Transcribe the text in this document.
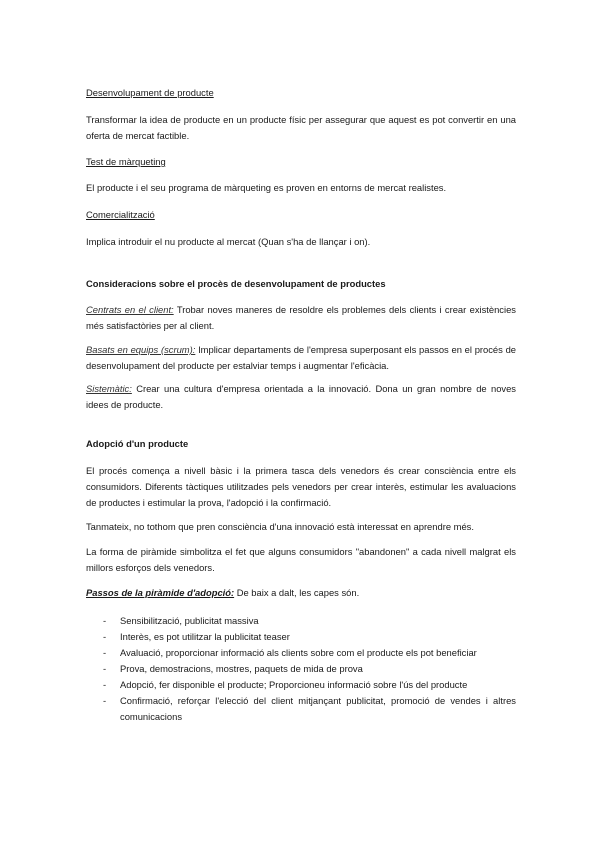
Desenvolupament de producte
Transformar la idea de producte en un producte físic per assegurar que aquest es pot convertir en una oferta de mercat factible.
Test de màrqueting
El producte i el seu programa de màrqueting es proven en entorns de mercat realistes.
Comercialització
Implica introduir el nu producte al mercat (Quan s'ha de llançar i on).
Consideracions sobre el procès de desenvolupament de productes
Centrats en el client: Trobar noves maneres de resoldre els problemes dels clients i crear existències més satisfactòries per al client.
Basats en equips (scrum): Implicar departaments de l'empresa superposant els passos en el procés de desenvolupament del producte per estalviar temps i augmentar l'eficàcia.
Sistemàtic: Crear una cultura d'empresa orientada a la innovació. Dona un gran nombre de noves idees de producte.
Adopció d'un producte
El procés comença a nivell bàsic i la primera tasca dels venedors és crear consciència entre els consumidors. Diferents tàctiques utilitzades pels venedors per crear interès, estimular les avaluacions de productes i estimular la prova, l'adopció i la confirmació.
Tanmateix, no tothom que pren consciència d'una innovació està interessat en aprendre més.
La forma de piràmide simbolitza el fet que alguns consumidors "abandonen" a cada nivell malgrat els millors esforços dels venedors.
Passos de la piràmide d'adopció: De baix a dalt, les capes són.
- Sensibilització, publicitat massiva
- Interès, es pot utilitzar la publicitat teaser
- Avaluació, proporcionar informació als clients sobre com el producte els pot beneficiar
- Prova, demostracions, mostres, paquets de mida de prova
- Adopció, fer disponible el producte; Proporcioneu informació sobre l'ús del producte
- Confirmació, reforçar l'elecció del client mitjançant publicitat, promoció de vendes i altres comunicacions
